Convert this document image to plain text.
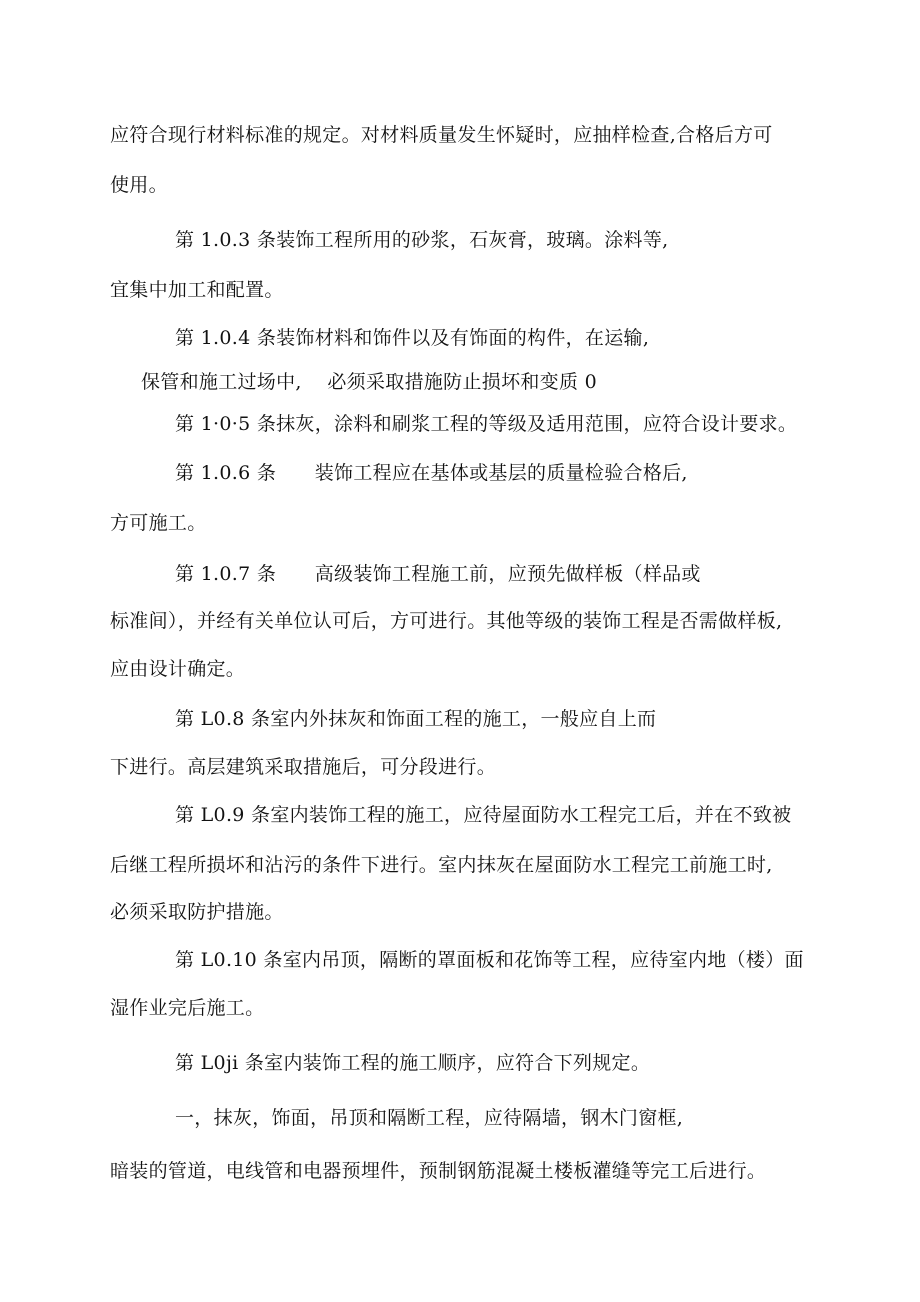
应符合现行材料标准的规定。对材料质量发生怀疑时，应抽样检查,合格后方可
使用。
第 1.0.3 条装饰工程所用的砂浆，石灰膏，玻璃。涂料等,
宜集中加工和配置。
第 1.0.4 条装饰材料和饰件以及有饰面的构件，在运输,
保管和施工过场中,　 必须采取措施防止损坏和变质 0
第 1·0·5 条抹灰，涂料和刷浆工程的等级及适用范围，应符合设计要求。
第 1.0.6 条　　装饰工程应在基体或基层的质量检验合格后,
方可施工。
第 1.0.7 条　　高级装饰工程施工前，应预先做样板（样品或
标准间），并经有关单位认可后，方可进行。其他等级的装饰工程是否需做样板,
应由设计确定。
第 L0.8 条室内外抹灰和饰面工程的施工，一般应自上而
下进行。高层建筑采取措施后，可分段进行。
第 L0.9 条室内装饰工程的施工，应待屋面防水工程完工后，并在不致被
后继工程所损坏和沾污的条件下进行。室内抹灰在屋面防水工程完工前施工时,
必须采取防护措施。
第 L0.10 条室内吊顶，隔断的罩面板和花饰等工程，应待室内地（楼）面
湿作业完后施工。
第 L0ji 条室内装饰工程的施工顺序，应符合下列规定。
一，抹灰，饰面，吊顶和隔断工程，应待隔墙，钢木门窗框,
暗装的管道，电线管和电器预埋件，预制钢筋混凝土楼板灌缝等完工后进行。
